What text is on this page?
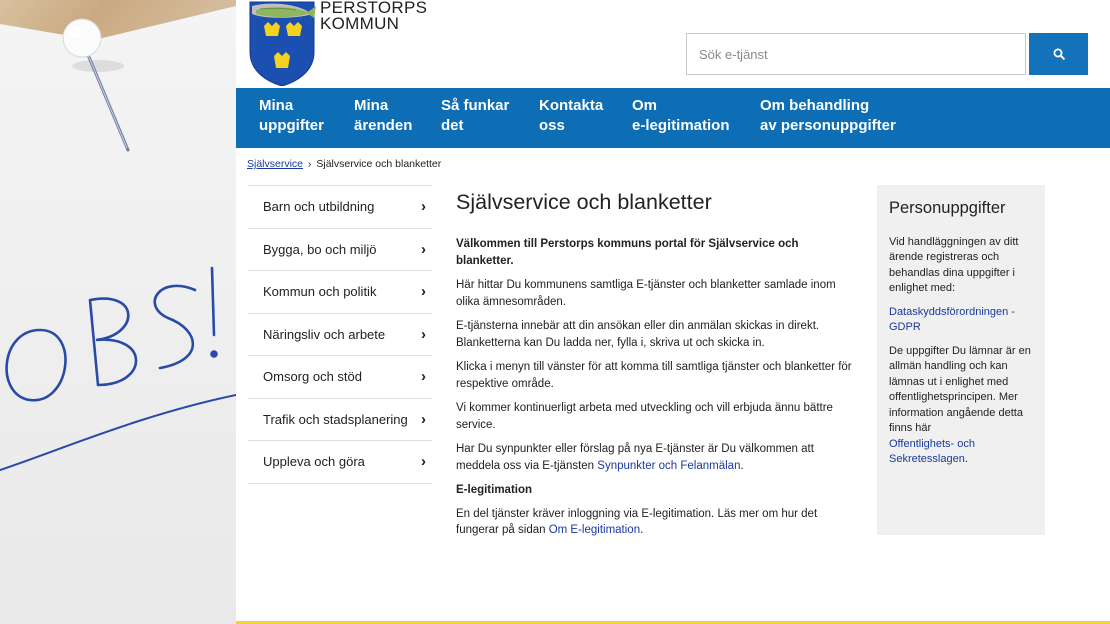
PERSTORPS
KOMMUN
Sök e-tjänst
Mina
uppgifter
Mina
ärenden
Så funkar
det
Kontakta
oss
Om
e-legitimation
Om behandling
av personuppgifter
Självservice › Självservice och blanketter
Barn och utbildning	›
Bygga, bo och miljö	›
Kommun och politik	›
Näringsliv och arbete ›
Omsorg och stöd	›
Trafik och stadsplanering ›
Uppleva och göra	›
Självservice och blanketter

Välkommen till Perstorps kommuns portal för Självservice och blanketter.

Här hittar Du kommunens samtliga E-tjänster och blanketter samlade inom olika ämnesområden.

E-tjänsterna innebär att din ansökan eller din anmälan skickas in direkt. Blanketterna kan Du ladda ner, fylla i, skriva ut och skicka in.

Klicka i menyn till vänster för att komma till samtliga tjänster och blanketter för respektive område.

Vi kommer kontinuerligt arbeta med utveckling och vill erbjuda ännu bättre service.

Har Du synpunkter eller förslag på nya E-tjänster är Du välkommen att meddela oss via E-tjänsten Synpunkter och Felanmälan.

E-legitimation

En del tjänster kräver inloggning via E-legitimation. Läs mer om hur det fungerar på sidan Om E-legitimation.

Personuppgifter

Vid handläggningen av ditt ärende registreras och behandlas dina uppgifter i enlighet med:

Dataskyddsförordningen - GDPR

De uppgifter Du lämnar är en allmän handling och kan lämnas ut i enlighet med offentlighetsprincipen. Mer information angående detta finns här
Offentlighets- och Sekretesslagen.
